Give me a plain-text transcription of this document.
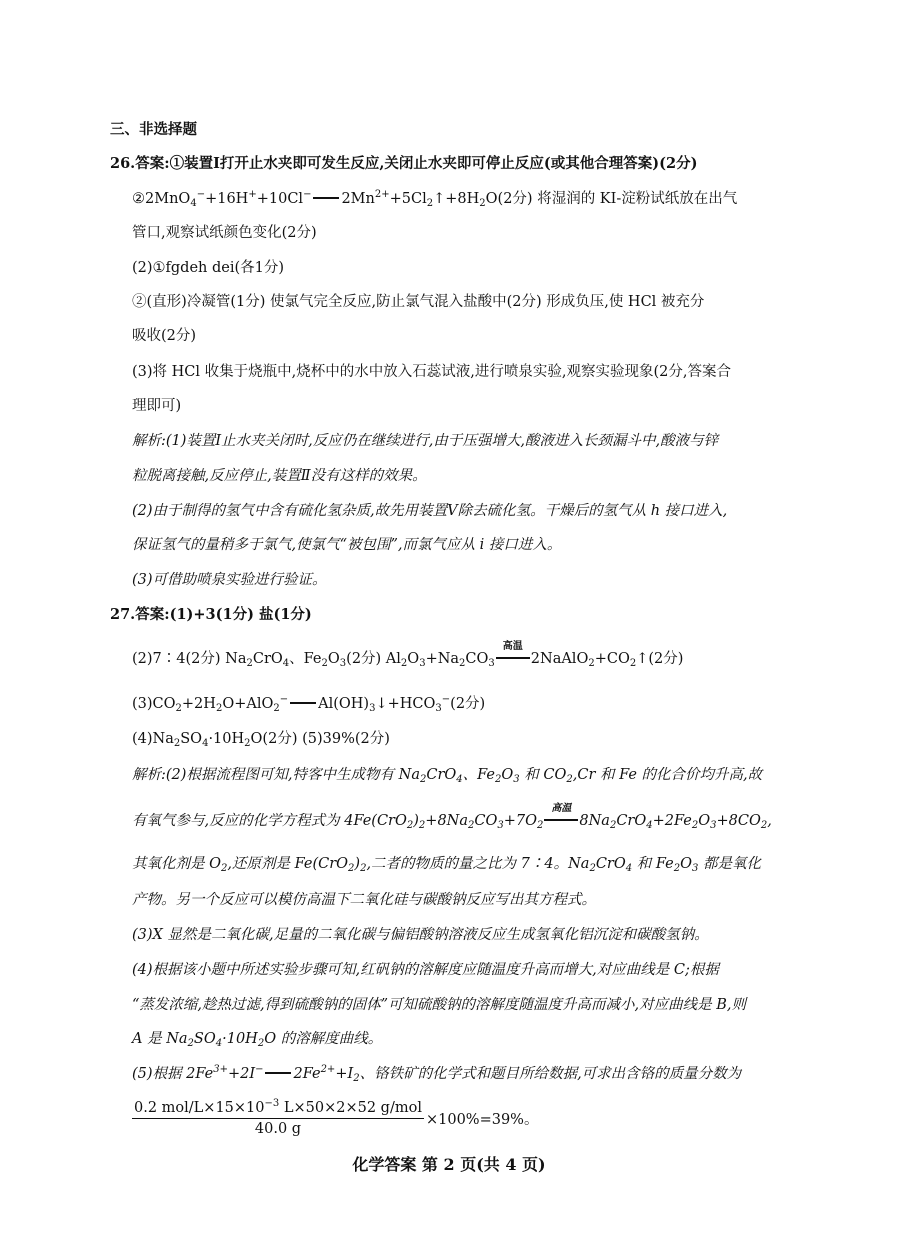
三、非选择题
26.答案:①装置Ⅰ打开止水夹即可发生反应,关闭止水夹即可停止反应(或其他合理答案)(2分)
②2MnO$_4$−+16H++10Cl− $2Mn^{2+}+5Cl_2↑+8H_2O(2$分) 将湿润的 KI-淀粉试纸放在出气
管口,观察试纸颜色变化(2分)
(2)①fgdeh dei(各1分)
②(直形)冷凝管(1分) 使氯气完全反应,防止氯气混入盐酸中(2分) 形成负压,使 HCl 被充分
吸收(2分)
(3)将 HCl 收集于烧瓶中,烧杯中的水中放入石蕊试液,进行喷泉实验,观察实验现象(2分,答案合
理即可)
解析:(1)装置Ⅰ止水夹关闭时,反应仍在继续进行,由于压强增大,酸液进入长颈漏斗中,酸液与锌
粒脱离接触,反应停止,装置Ⅱ没有这样的效果。
(2)由于制得的氢气中含有硫化氢杂质,故先用装置Ⅴ除去硫化氢。干燥后的氢气从 h 接口进入,
保证氢气的量稍多于氯气,使氯气“被包围”,而氯气应从 i 接口进入。
(3)可借助喷泉实验进行验证。
27.答案:(1)+3(1分) 盐(1分)
(2)7∶4(2分) $Na_2CrO_4$、$Fe_2O_3(2$分) $Al_2O_3+Na_2CO_3$
高温
$2NaAlO_2+CO_2↑(2$分)
$(3)CO_2+2H_2O+AlO_2^-$ $Al(OH)_3↓+HCO_3^-(2$分)
$(4)Na_2SO_4\cdot 10H_2O(2$分) (5)39%(2分)
解析:(2)根据流程图可知,特客中生成物有 $Na_2CrO_4$、$Fe_2O_3$ 和 $CO_2,Cr$ 和 Fe 的化合价均升高,故
有氧气参与,反应的化学方程式为 $4Fe(CrO_2)_2+8Na_2CO_3+7O_2$
高温
$8Na_2CrO_4+2Fe_2O_3+8CO_2$,
其氧化剂是 $O_2$,还原剂是 $Fe(CrO_2)_2$,二者的物质的量之比为 7∶4。$Na_2CrO_4$ 和 $Fe_2O_3$ 都是氧化
产物。另一个反应可以模仿高温下二氧化硅与碳酸钠反应写出其方程式。
(3)X 显然是二氧化碳,足量的二氧化碳与偏铝酸钠溶液反应生成氢氧化铝沉淀和碳酸氢钠。
(4)根据该小题中所述实验步骤可知,红矾钠的溶解度应随温度升高而增大,对应曲线是 C;根据
“蒸发浓缩,趁热过滤,得到硫酸钠的固体”可知硫酸钠的溶解度随温度升高而减小,对应曲线是 B,则
A 是 $Na_2SO_4\cdot 10H_2O$ 的溶解度曲线。
(5)根据 $2Fe^{3+}+2I^-$ $2Fe^{2+}+I_2$、铬铁矿的化学式和题目所给数据,可求出含铬的质量分数为
$\frac{0.2 mol/L\times 15\times 10^{-3} L\times 50\times 2\times 52 g/mol}{40.0 g} \times 100\%=39\%$。
化学答案 第 2 页(共 4 页)
